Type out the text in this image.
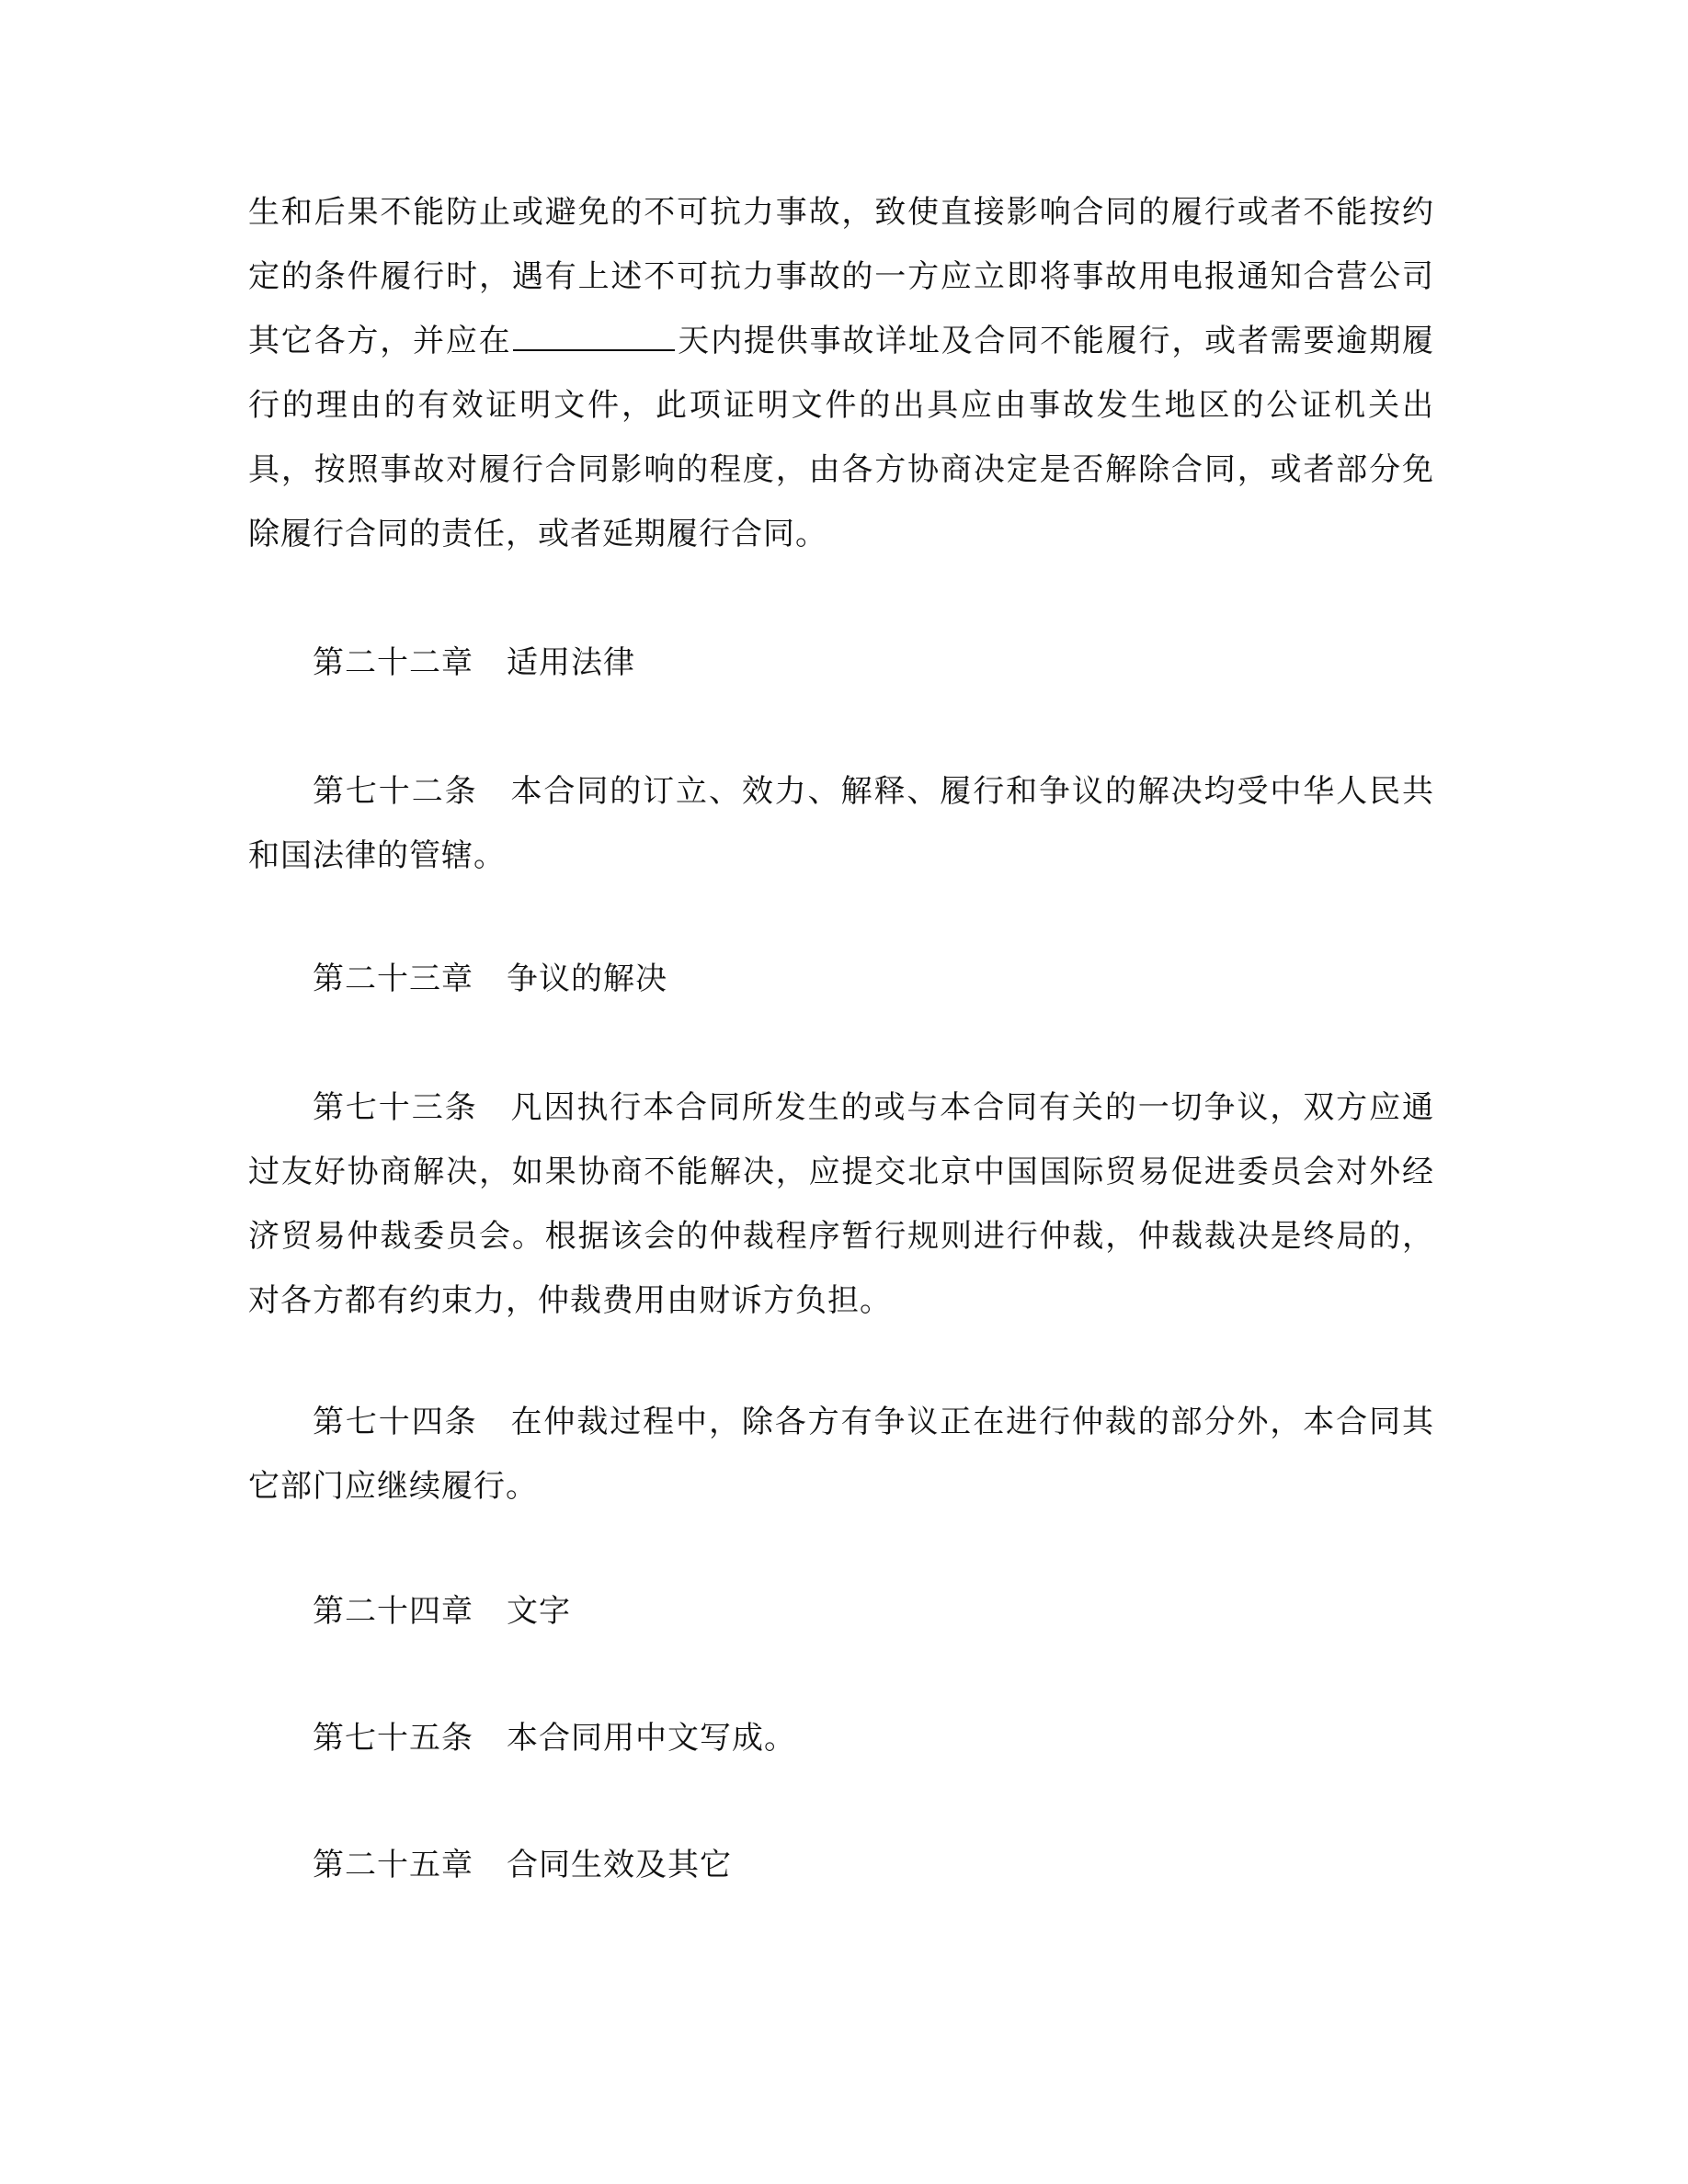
生和后果不能防止或避免的不可抗力事故，致使直接影响合同的履行或者不能按约定的条件履行时，遇有上述不可抗力事故的一方应立即将事故用电报通知合营公司其它各方，并应在	天内提供事故详址及合同不能履行，或者需要逾期履行的理由的有效证明文件，此项证明文件的出具应由事故发生地区的公证机关出具，按照事故对履行合同影响的程度，由各方协商决定是否解除合同，或者部分免除履行合同的责任，或者延期履行合同。

第二十二章 适用法律

第七十二条 本合同的订立、效力、解释、履行和争议的解决均受中华人民共和国法律的管辖。

第二十三章 争议的解决

第七十三条 凡因执行本合同所发生的或与本合同有关的一切争议，双方应通过友好协商解决，如果协商不能解决，应提交北京中国国际贸易促进委员会对外经济贸易仲裁委员会。根据该会的仲裁程序暂行规则进行仲裁，仲裁裁决是终局的，对各方都有约束力，仲裁费用由财诉方负担。

第七十四条 在仲裁过程中，除各方有争议正在进行仲裁的部分外，本合同其它部门应继续履行。

第二十四章 文字

第七十五条 本合同用中文写成。

第二十五章 合同生效及其它
